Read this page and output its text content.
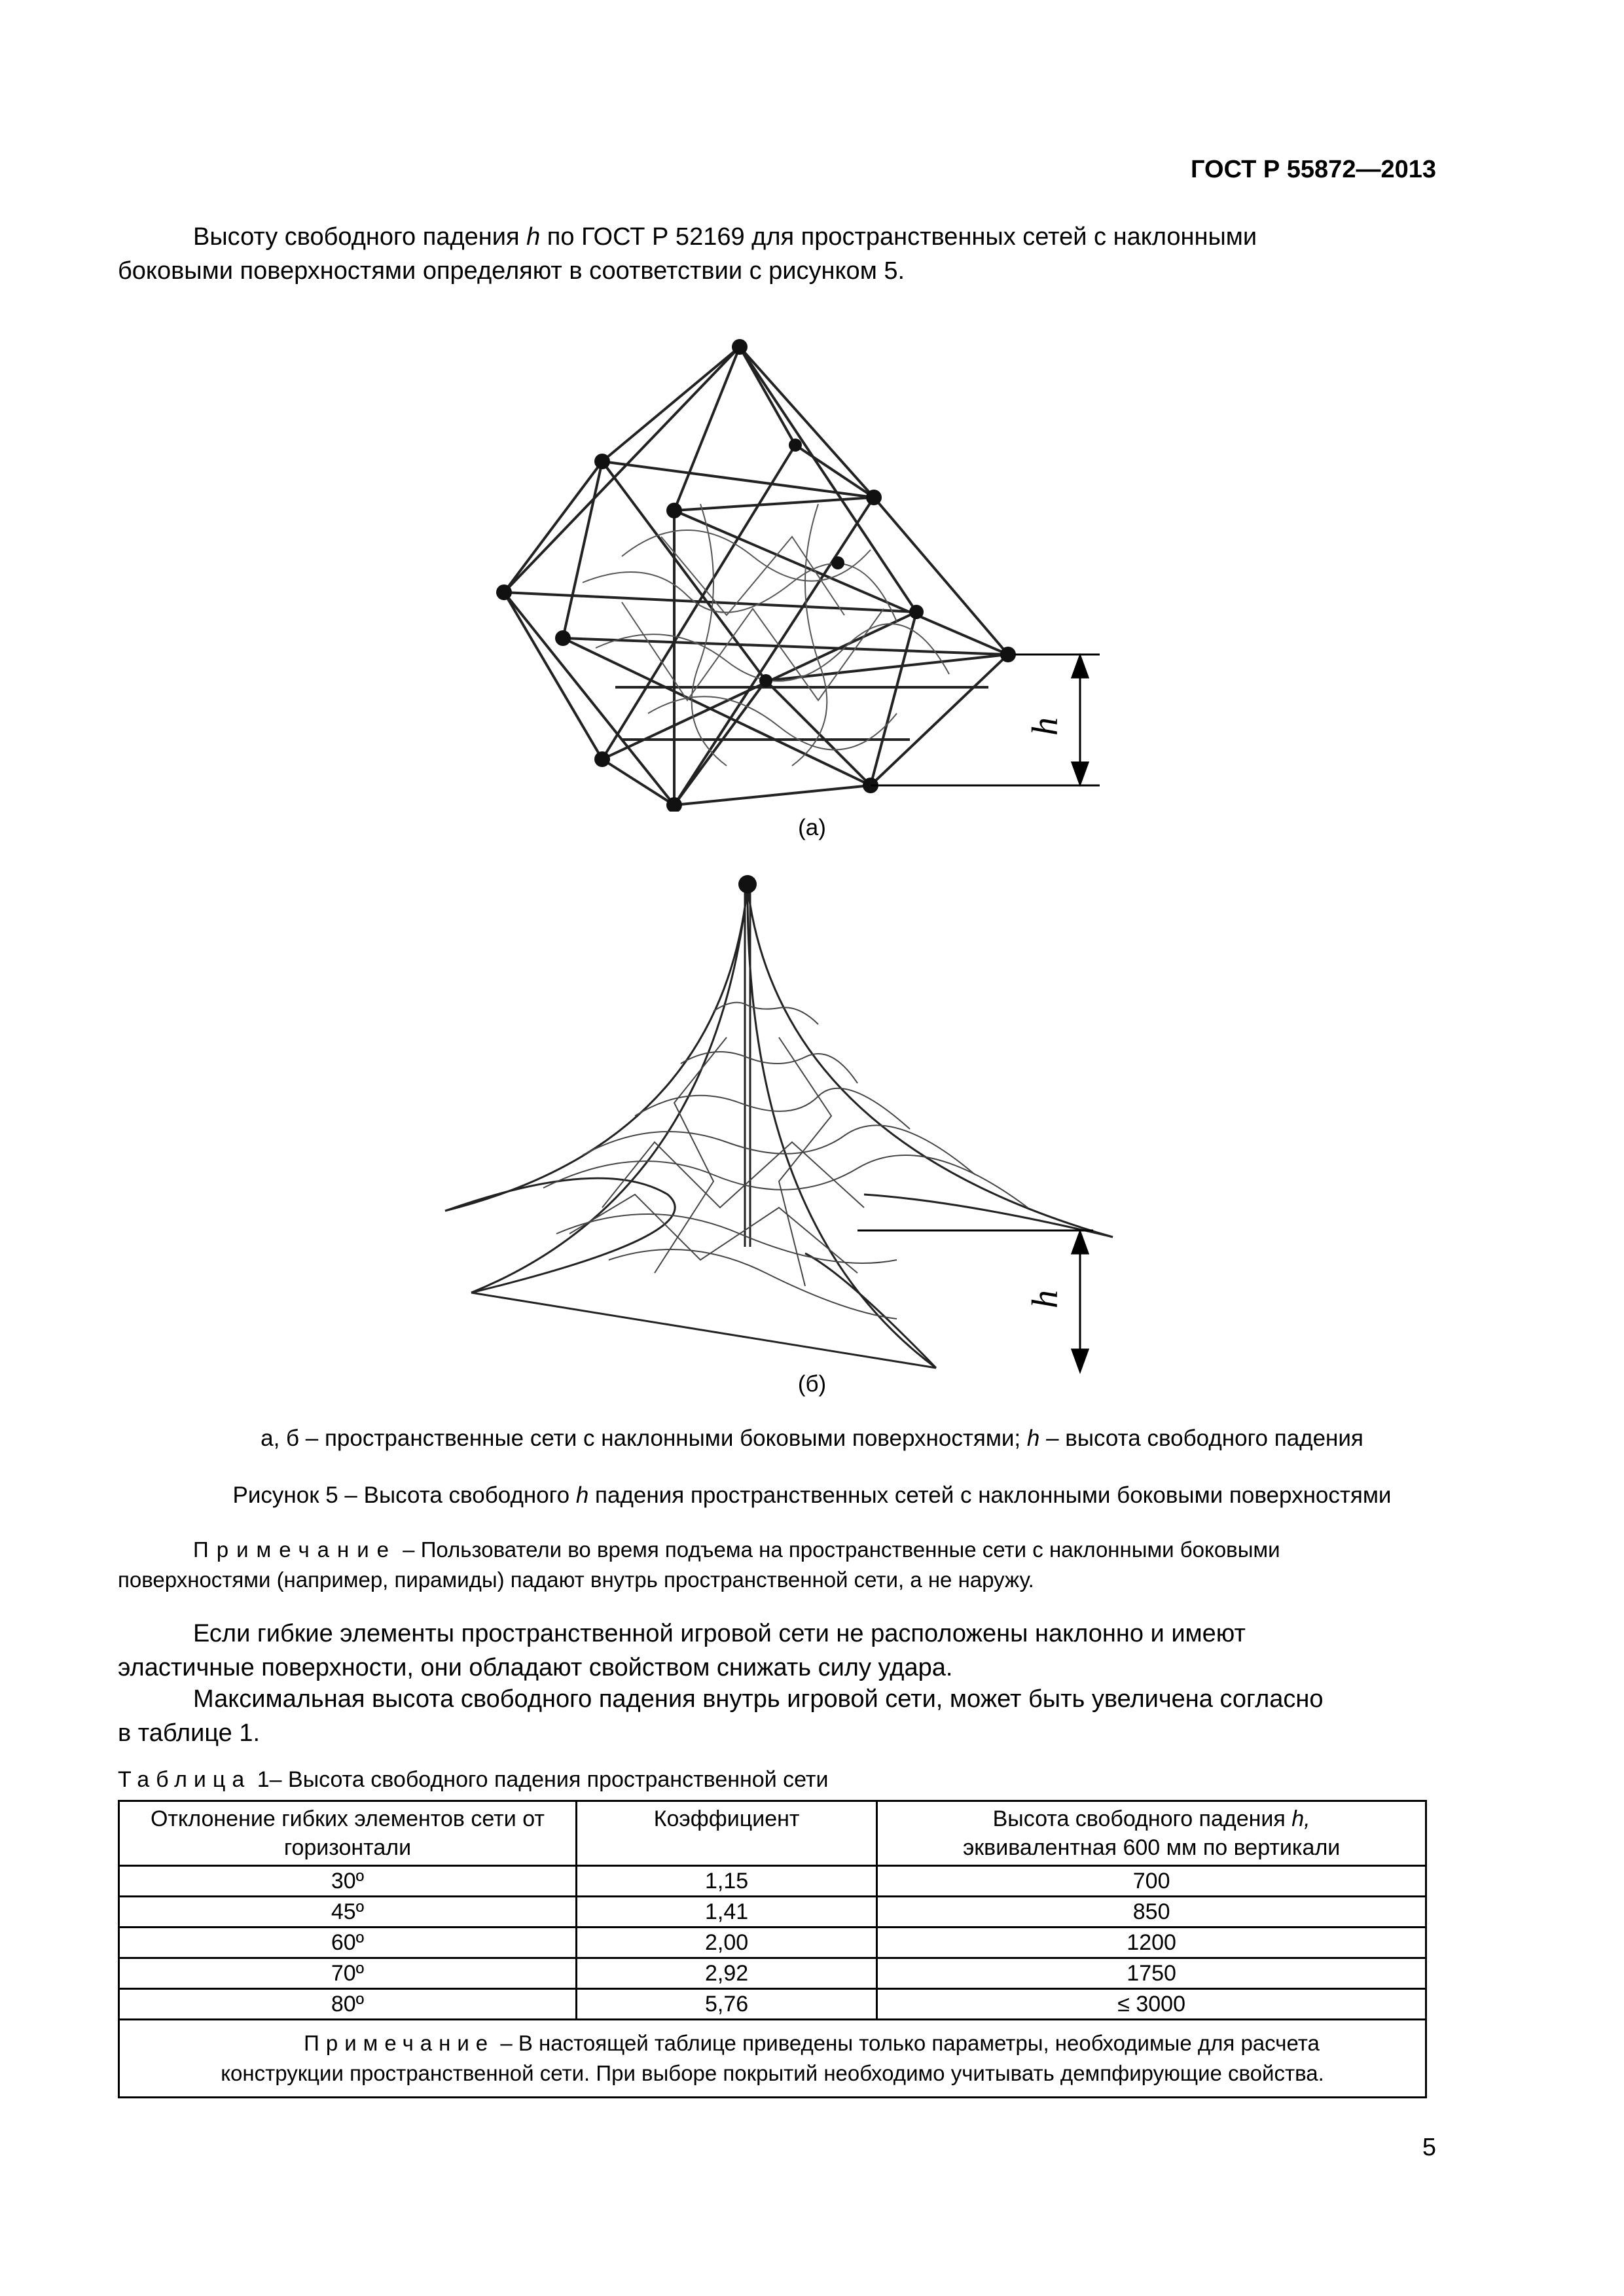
ГОСТ Р 55872—2013
Высоту свободного падения h по ГОСТ Р 52169 для пространственных сетей с наклонными
боковыми поверхностями определяют в соответствии с рисунком 5.
h
(а)
h
(б)
а, б – пространственные сети с наклонными боковыми поверхностями; h – высота свободного падения
Рисунок 5 – Высота свободного h падения пространственных сетей с наклонными боковыми поверхностями
Примечание – Пользователи во время подъема на пространственные сети с наклонными боковыми
поверхностями (например, пирамиды) падают внутрь пространственной сети, а не наружу.
Если гибкие элементы пространственной игровой сети не расположены наклонно и имеют
эластичные поверхности, они обладают свойством снижать силу удара.
Максимальная высота свободного падения внутрь игровой сети, может быть увеличена согласно
в таблице 1.
Таблица 1– Высота свободного падения пространственной сети
Отклонение гибких элементов сети от горизонтали	Коэффициент	Высота свободного падения h,
эквивалентная 600 мм по вертикали
30º	1,15	700
45º	1,41	850
60º	2,00	1200
70º	2,92	1750
80º	5,76	≤ 3000
Примечание – В настоящей таблице приведены только параметры, необходимые для расчета
конструкции пространственной сети. При выборе покрытий необходимо учитывать демпфирующие свойства.		
5
